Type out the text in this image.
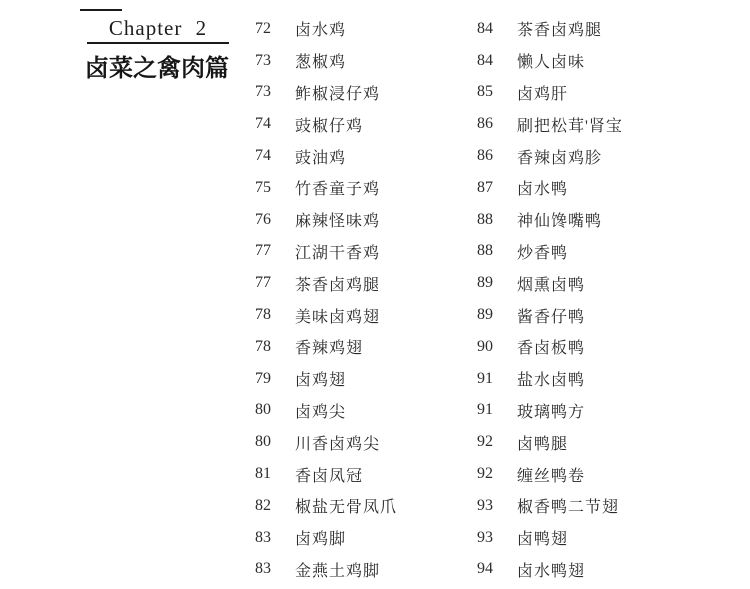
Chapter 2
卤菜之禽肉篇
72	卤水鸡
73	葱椒鸡
73	鲊椒浸仔鸡
74	豉椒仔鸡
74	豉油鸡
75	竹香童子鸡
76	麻辣怪味鸡
77	江湖干香鸡
77	茶香卤鸡腿
78	美味卤鸡翅
78	香辣鸡翅
79	卤鸡翅
80	卤鸡尖
80	川香卤鸡尖
81	香卤凤冠
82	椒盐无骨凤爪
83	卤鸡脚
83	金燕土鸡脚
84	茶香卤鸡腿
84	懒人卤味
85	卤鸡肝
86	刷把松茸'肾宝
86	香辣卤鸡胗
87	卤水鸭
88	神仙馋嘴鸭
88	炒香鸭
89	烟熏卤鸭
89	酱香仔鸭
90	香卤板鸭
91	盐水卤鸭
91	玻璃鸭方
92	卤鸭腿
92	缠丝鸭卷
93	椒香鸭二节翅
93	卤鸭翅
94	卤水鸭翅
